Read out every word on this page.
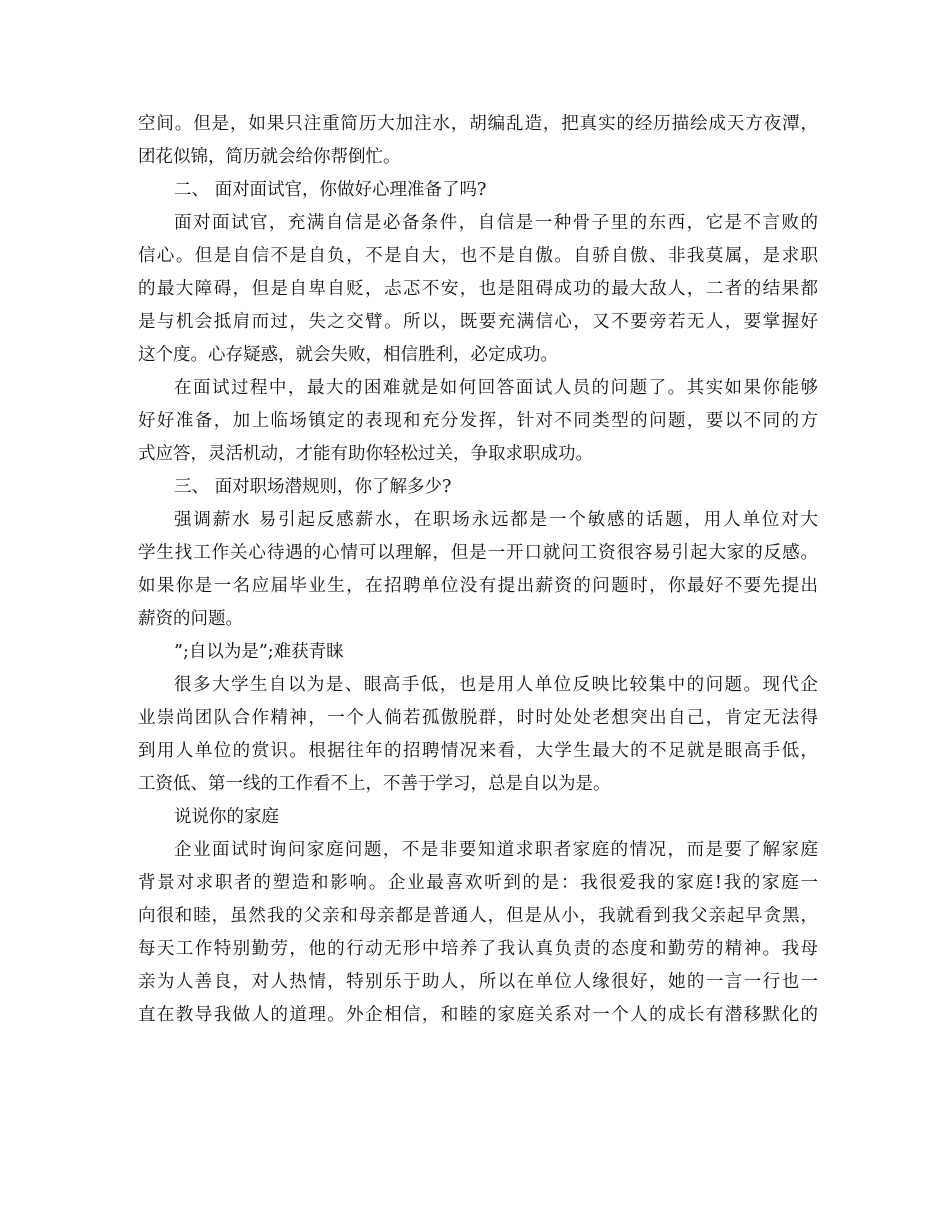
空间。但是，如果只注重简历大加注水，胡编乱造，把真实的经历描绘成天方夜潭，
团花似锦，简历就会给你帮倒忙。
二、 面对面试官，你做好心理准备了吗?
面对面试官，充满自信是必备条件，自信是一种骨子里的东西，它是不言败的
信心。但是自信不是自负，不是自大，也不是自傲。自骄自傲、非我莫属，是求职
的最大障碍，但是自卑自贬，忐忑不安，也是阻碍成功的最大敌人，二者的结果都
是与机会抵肩而过，失之交臂。所以，既要充满信心，又不要旁若无人，要掌握好
这个度。心存疑惑，就会失败，相信胜利，必定成功。
在面试过程中，最大的困难就是如何回答面试人员的问题了。其实如果你能够
好好准备，加上临场镇定的表现和充分发挥，针对不同类型的问题，要以不同的方
式应答，灵活机动，才能有助你轻松过关，争取求职成功。
三、 面对职场潜规则，你了解多少?
强调薪水 易引起反感薪水，在职场永远都是一个敏感的话题，用人单位对大
学生找工作关心待遇的心情可以理解，但是一开口就问工资很容易引起大家的反感。
如果你是一名应届毕业生，在招聘单位没有提出薪资的问题时，你最好不要先提出
薪资的问题。
”;自以为是”;难获青睐
很多大学生自以为是、眼高手低，也是用人单位反映比较集中的问题。现代企
业崇尚团队合作精神，一个人倘若孤傲脱群，时时处处老想突出自己，肯定无法得
到用人单位的赏识。根据往年的招聘情况来看，大学生最大的不足就是眼高手低，
工资低、第一线的工作看不上，不善于学习，总是自以为是。
说说你的家庭
企业面试时询问家庭问题，不是非要知道求职者家庭的情况，而是要了解家庭
背景对求职者的塑造和影响。企业最喜欢听到的是：我很爱我的家庭!我的家庭一
向很和睦，虽然我的父亲和母亲都是普通人，但是从小，我就看到我父亲起早贪黑，
每天工作特别勤劳，他的行动无形中培养了我认真负责的态度和勤劳的精神。我母
亲为人善良，对人热情，特别乐于助人，所以在单位人缘很好，她的一言一行也一
直在教导我做人的道理。外企相信，和睦的家庭关系对一个人的成长有潜移默化的
